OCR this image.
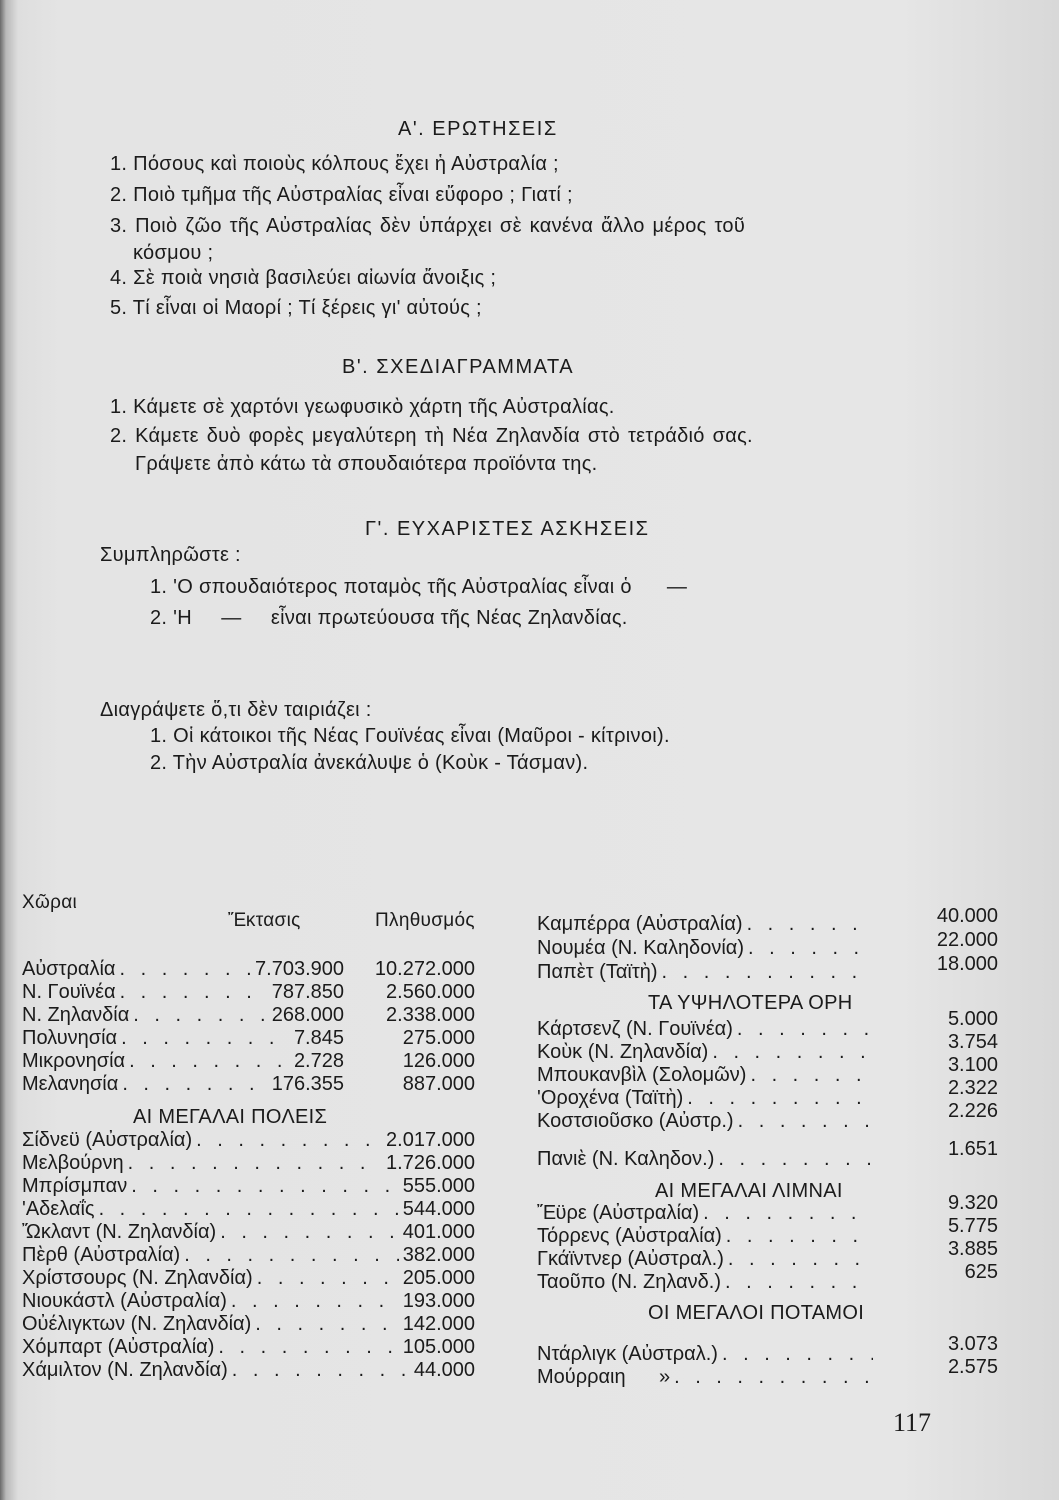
Α'. ΕΡΩΤΗΣΕΙΣ
1. Πόσους καὶ ποιοὺς κόλπους ἔχει ἡ Αὐστραλία ;
2. Ποιὸ τμῆμα τῆς Αὐστραλίας εἶναι εὔφορο ; Γιατί ;
3. Ποιὸ ζῶο τῆς Αὐστραλίας δὲν ὑπάρχει σὲ κανένα ἄλλο μέρος τοῦ
κόσμου ;
4. Σὲ ποιὰ νησιὰ βασιλεύει αἰωνία ἄνοιξις ;
5. Τί εἶναι οἱ Μαορί ; Τί ξέρεις γι' αὐτούς ;
Β'. ΣΧΕΔΙΑΓΡΑΜΜΑΤΑ
1. Κάμετε σὲ χαρτόνι γεωφυσικὸ χάρτη τῆς Αὐστραλίας.
2. Κάμετε δυὸ φορὲς μεγαλύτερη τὴ Νέα Ζηλανδία στὸ τετράδιό σας.
Γράψετε ἀπὸ κάτω τὰ σπουδαιότερα προϊόντα της.
Γ'. ΕΥΧΑΡΙΣΤΕΣ ΑΣΚΗΣΕΙΣ
Συμπληρῶστε :
1. 'Ο σπουδαιότερος ποταμὸς τῆς Αὐστραλίας εἶναι ὁ      —
2. 'Η     —     εἶναι πρωτεύουσα τῆς Νέας Ζηλανδίας.
Διαγράψετε ὅ,τι δὲν ταιριάζει :
1. Οἱ κάτοικοι τῆς Νέας Γουϊνέας εἶναι (Μαῦροι - κίτρινοι).
2. Τὴν Αὐστραλία ἀνεκάλυψε ὁ (Κοὺκ - Τάσμαν).
Χῶραι
Ἔκτασις	Πληθυσμός
Αὐστραλία . . .	7.703.900	10.272.000
Ν. Γουϊνέα . . .	787.850	2.560.000
Ν. Ζηλανδία . . .	268.000	2.338.000
Πολυνησία . . .	7.845	275.000
Μικρονησία . . .	2.728	126.000
Μελανησία . . .	176.355	887.000
ΑΙ ΜΕΓΑΛΑΙ ΠΟΛΕΙΣ
Σίδνεϋ (Αὐστραλία) . . .	2.017.000
Μελβούρνη . . .	1.726.000
Μπρίσμπαν . . .	555.000
'Αδελαΐς . . .	544.000
Ὤκλαντ (Ν. Ζηλανδία) . . .	401.000
Πὲρθ (Αὐστραλία) . . .	382.000
Χρίστσουρς (Ν. Ζηλανδία) . . .	205.000
Νιουκάστλ (Αὐστραλία) . . .	193.000
Οὐέλιγκτων (Ν. Ζηλανδία) . . .	142.000
Χόμπαρτ (Αὐστραλία) . . .	105.000
Χάμιλτον (Ν. Ζηλανδία) . . .	44.000
Καμπέρρα (Αὐστραλία) . . .	40.000
Νουμέα (Ν. Καληδονία) . . .	22.000
Παπὲτ (Ταϊτὴ) . . .	18.000
Κάρτσενζ (Ν. Γουϊνέα) . . .	5.000
Κοὺκ (Ν. Ζηλανδία) . . .	3.754
Μπουκανβὶλ (Σολομῶν) . . .	3.100
'Οροχένα (Ταϊτὴ) . . .	2.322
Κοστσιοῦσκο (Αὐστρ.) . . .	2.226
Πανιὲ (Ν. Καληδον.) . . .	1.651
Ἔϋρε (Αὐστραλία) . . .	9.320
Τόρρενς (Αὐστραλία) . . .	5.775
Γκάϊντνερ (Αὐστραλ.) . . .	3.885
Ταοῦπο (Ν. Ζηλανδ.) . . .	625
Ντάρλιγκ (Αὐστραλ.) . . .	3.073
Μούρραιη      » . . .	2.575
ΤΑ ΥΨΗΛΟΤΕΡΑ ΟΡΗ
ΑΙ ΜΕΓΑΛΑΙ ΛΙΜΝΑΙ
ΟΙ ΜΕΓΑΛΟΙ ΠΟΤΑΜΟΙ
117
